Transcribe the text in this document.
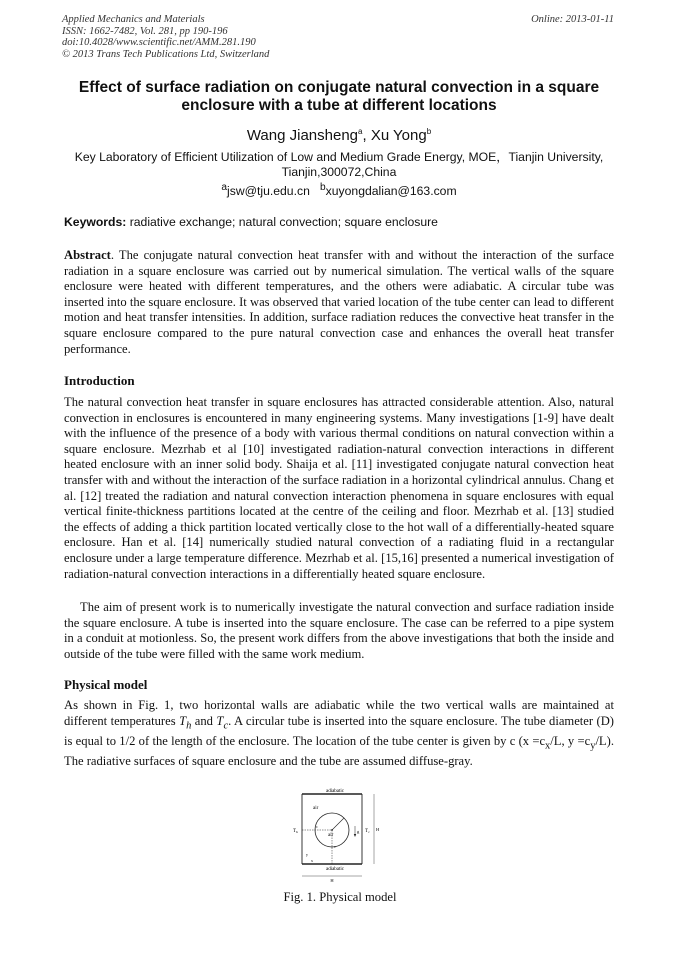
Applied Mechanics and Materials
ISSN: 1662-7482, Vol. 281, pp 190-196
doi:10.4028/www.scientific.net/AMM.281.190
© 2013 Trans Tech Publications Ltd, Switzerland
Online: 2013-01-11
Effect of surface radiation on conjugate natural convection in a square enclosure with a tube at different locations
Wang Jiansheng$^a$, Xu Yong$^b$
Key Laboratory of Efficient Utilization of Low and Medium Grade Energy, MOE，Tianjin University,
Tianjin,300072,China
$^a$jsw@tju.edu.cn $^b$xuyongdalian@163.com
Keywords: radiative exchange; natural convection; square enclosure
Abstract. The conjugate natural convection heat transfer with and without the interaction of the surface radiation in a square enclosure was carried out by numerical simulation. The vertical walls of the square enclosure were heated with different temperatures, and the others were adiabatic. A circular tube was inserted into the square enclosure. It was observed that varied location of the tube center can lead to different motion and heat transfer intensities. In addition, surface radiation reduces the convective heat transfer in the square enclosure compared to the pure natural convection case and enhances the overall heat transfer performance.
Introduction
The natural convection heat transfer in square enclosures has attracted considerable attention. Also, natural convection in enclosures is encountered in many engineering systems. Many investigations [1-9] have dealt with the influence of the presence of a body with various thermal conditions on natural convection within a square enclosure. Mezrhab et al [10] investigated radiation-natural convection interactions in different heated enclosure with an inner solid body. Shaija et al. [11] investigated conjugate natural convection heat transfer with and without the interaction of the surface radiation in a horizontal cylindrical annulus. Chang et al. [12] treated the radiation and natural convection interaction phenomena in square enclosures with equal vertical finite-thickness partitions located at the centre of the ceiling and floor. Mezrhab et al. [13] studied the effects of adding a thick partition located vertically close to the hot wall of a differentially-heated square enclosure. Han et al. [14] numerically studied natural convection of a radiating fluid in a rectangular enclosure under a large temperature difference. Mezrhab et al. [15,16] presented a numerical investigation of radiation-natural convection interactions in a differentially heated square enclosure.
The aim of present work is to numerically investigate the natural convection and surface radiation inside the square enclosure. A tube is inserted into the square enclosure. The case can be referred to a pipe system in a conduit at motionless. So, the present work differs from the above investigations that both the inside and outside of the tube were filled with the same work medium.
Physical model
As shown in Fig. 1, two horizontal walls are adiabatic while the two vertical walls are maintained at different temperatures $T_h$ and $T_c$. A circular tube is inserted into the square enclosure. The tube diameter (D) is equal to 1/2 of the length of the enclosure. The location of the tube center is given by c ($x =c_x/L$, $y =c_y/L$). The radiative surfaces of square enclosure and the tube are assumed diffuse-gray.
adiabatic
air
air
$T_h$	$T_c$
g
c
c
y
x
H
adiabatic
H
Fig. 1. Physical model
